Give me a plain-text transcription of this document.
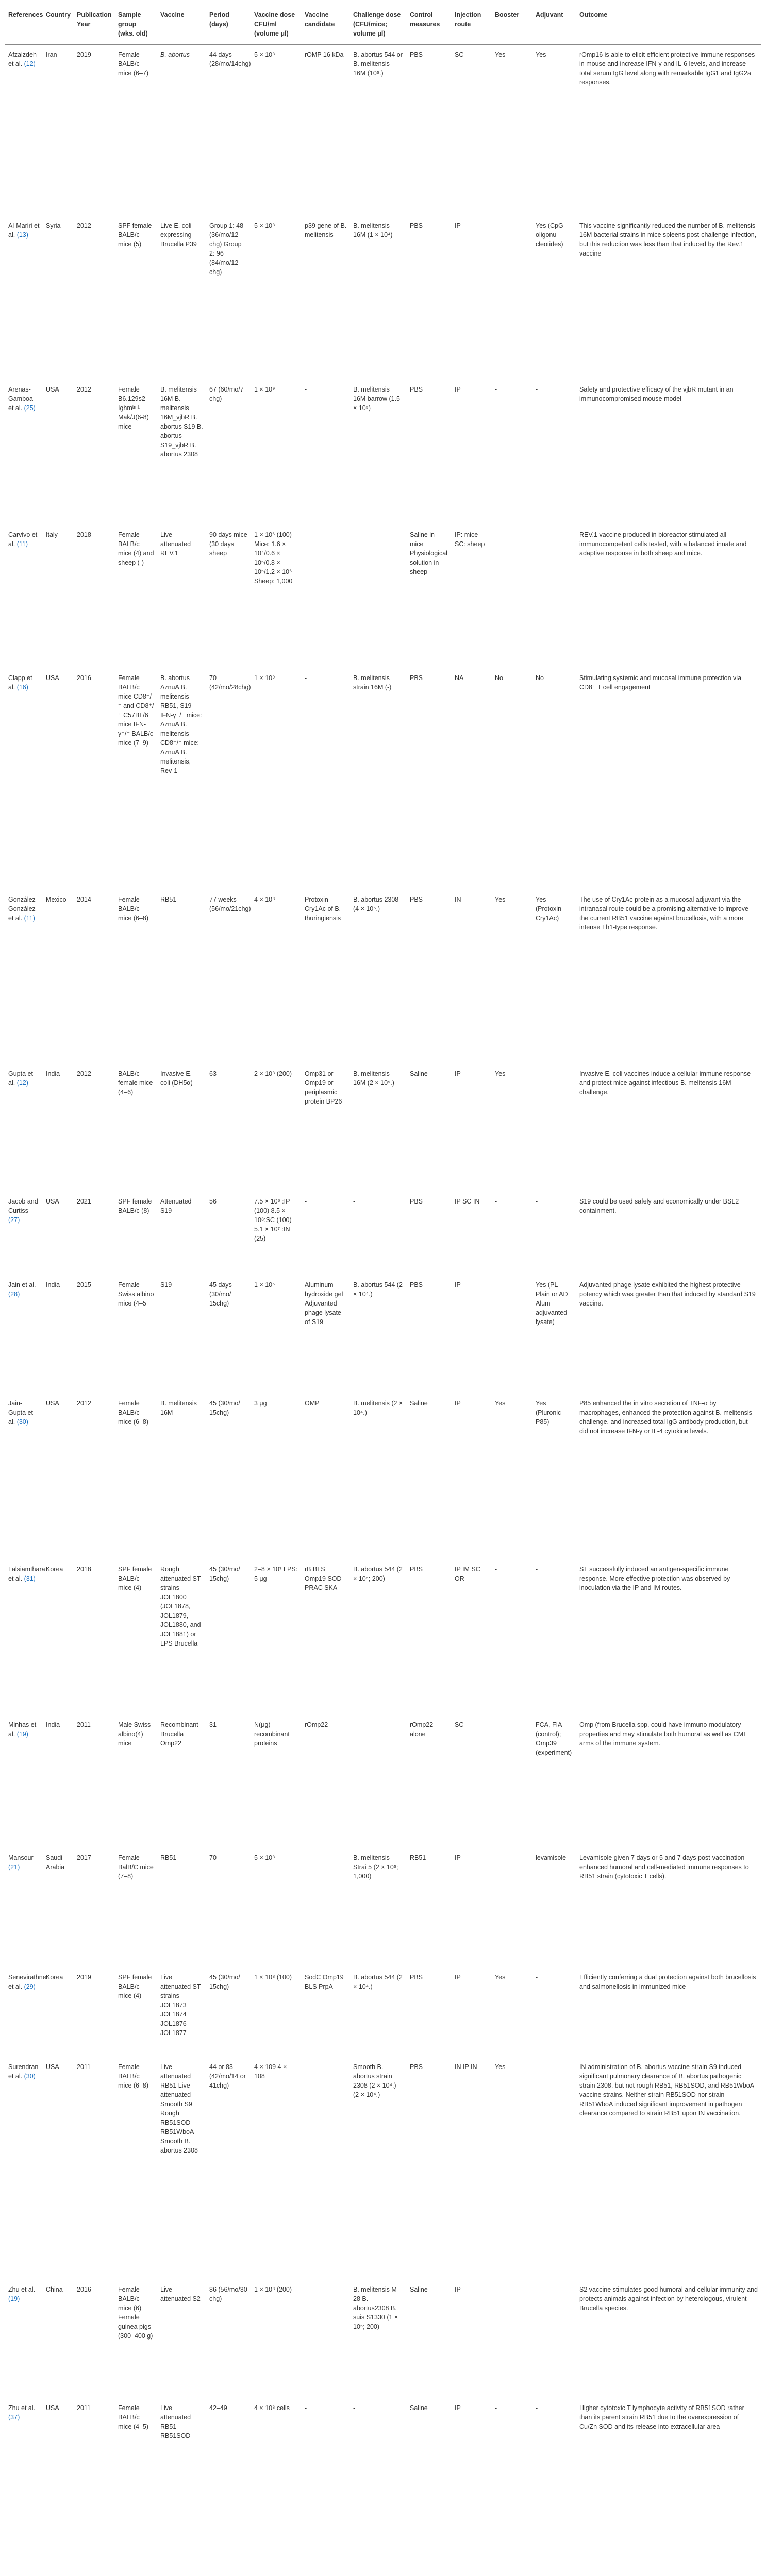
References	Country	Publication Year	Sample group (wks. old)	Vaccine	Period (days)	Vaccine dose CFU/ml (volume μl)	Vaccine candidate	Challenge dose (CFU/mice; volume μl)	Control measures	Injection route	Booster	Adjuvant	Outcome
Afzalzdeh et al. (12)	Iran	2019	Female BALB/c mice (6–7)	B. abortus	44 days (28/mo/14chg)	5 × 10⁸	rOMP 16 kDa	B. abortus 544 or B. melitensis 16M (10⁵.)	PBS	SC	Yes	Yes	rOmp16 is able to elicit efficient protective immune responses in mouse and increase IFN-γ and IL-6 levels, and increase total serum IgG level along with remarkable IgG1 and IgG2a responses.
Al-Mariri et al. (13)	Syria	2012	SPF female BALB/c mice (5)	Live E. coli expressing Brucella P39	Group 1: 48 (36/mo/12 chg) Group 2: 96 (84/mo/12 chg)	5 × 10⁸	p39 gene of B. melitensis	B. melitensis 16M (1 × 10⁴)	PBS	IP	-	Yes (CpG oligonu cleotides)	This vaccine significantly reduced the number of B. melitensis 16M bacterial strains in mice spleens post-challenge infection, but this reduction was less than that induced by the Rev.1 vaccine
Arenas-Gamboa et al. (25)	USA	2012	Female B6.129s2-Ighmᵗᵐ¹ Mak/J(6-8) mice	B. melitensis 16M B. melitensis 16M_vjbR B. abortus S19 B. abortus S19_vjbR B. abortus 2308	67 (60/mo/7 chg)	1 × 10⁹	-	B. melitensis 16M barrow (1.5 × 10⁵)	PBS	IP	-	-	Safety and protective efficacy of the vjbR mutant in an immunocompromised mouse model
Carvivo et al. (11)	Italy	2018	Female BALB/c mice (4) and sheep (-)	Live attenuated REV.1	90 days mice (30 days sheep	1 × 10⁶ (100) Mice: 1.6 × 10⁴/0.6 × 10⁵/0.8 × 10⁵/1.2 × 10⁶ Sheep: 1,000	-	-	Saline in mice Physiological solution in sheep	IP: mice SC: sheep	-	-	REV.1 vaccine produced in bioreactor stimulated all immunocompetent cells tested, with a balanced innate and adaptive response in both sheep and mice.
Clapp et al. (16)	USA	2016	Female BALB/c mice CD8⁻/⁻ and CD8⁺/⁺ C57BL/6 mice IFN-γ⁻/⁻ BALB/c mice (7–9)	B. abortus ΔznuA B. melitensis RB51, S19 IFN-γ⁻/⁻ mice: ΔznuA B. melitensis CD8⁻/⁻ mice: ΔznuA B. melitensis, Rev-1	70 (42/mo/28chg)	1 × 10⁹	-	B. melitensis strain 16M (-)	PBS	NA	No	No	Stimulating systemic and mucosal immune protection via CD8⁺ T cell engagement
González-González et al. (11)	Mexico	2014	Female BALB/c mice (6–8)	RB51	77 weeks (56/mo/21chg)	4 × 10⁸	Protoxin Cry1Ac of B. thuringiensis	B. abortus 2308 (4 × 10⁵.)	PBS	IN	Yes	Yes (Protoxin Cry1Ac)	The use of Cry1Ac protein as a mucosal adjuvant via the intranasal route could be a promising alternative to improve the current RB51 vaccine against brucellosis, with a more intense Th1-type response.
Gupta et al. (12)	India	2012	BALB/c female mice (4–6)	Invasive E. coli (DH5α)	63	2 × 10⁸ (200)	Omp31 or Omp19 or periplasmic protein BP26	B. melitensis 16M (2 × 10⁵.)	Saline	IP	Yes	-	Invasive E. coli vaccines induce a cellular immune response and protect mice against infectious B. melitensis 16M challenge.
Jacob and Curtiss (27)	USA	2021	SPF female BALB/c (8)	Attenuated S19	56	7.5 × 10⁶ :IP (100) 8.5 × 10⁸:SC (100) 5.1 × 10⁷ :IN (25)	-	-	PBS	IP SC IN	-	-	S19 could be used safely and economically under BSL2 containment.
Jain et al. (28)	India	2015	Female Swiss albino mice (4–5	S19	45 days (30/mo/ 15chg)	1 × 10⁵	Aluminum hydroxide gel Adjuvanted phage lysate of S19	B. abortus 544 (2 × 10⁴.)	PBS	IP	-	Yes (PL Plain or AD Alum adjuvanted lysate)	Adjuvanted phage lysate exhibited the highest protective potency which was greater than that induced by standard S19 vaccine.
Jain-Gupta et al. (30)	USA	2012	Female BALB/c mice (6–8)	B. melitensis 16M	45 (30/mo/ 15chg)	3 μg	OMP	B. melitensis (2 × 10⁴.)	Saline	IP	Yes	Yes (Pluronic P85)	P85 enhanced the in vitro secretion of TNF-α by macrophages, enhanced the protection against B. melitensis challenge, and increased total IgG antibody production, but did not increase IFN-γ or IL-4 cytokine levels.
Lalsiamthara et al. (31)	Korea	2018	SPF female BALB/c mice (4)	Rough attenuated ST strains JOL1800 (JOL1878, JOL1879, JOL1880, and JOL1881) or LPS Brucella	45 (30/mo/ 15chg)	2–8 × 10⁷ LPS: 5 μg	rB BLS Omp19 SOD PRAC SKA	B. abortus 544 (2 × 10⁵; 200)	PBS	IP IM SC OR	-	-	ST successfully induced an antigen-specific immune response. More effective protection was observed by inoculation via the IP and IM routes.
Minhas et al. (19)	India	2011	Male Swiss albino(4) mice	Recombinant Brucella Omp22	31	N(μg) recombinant proteins	rOmp22	-	rOmp22 alone	SC	-	FCA, FIA (control); Omp39 (experiment)	Omp (from Brucella spp. could have immuno-modulatory properties and may stimulate both humoral as well as CMI arms of the immune system.
Mansour (21)	Saudi Arabia	2017	Female BalB/C mice (7–8)	RB51	70	5 × 10⁸	-	B. melitensis Strai 5 (2 × 10⁵; 1,000)	RB51	IP	-	levamisole	Levamisole given 7 days or 5 and 7 days post-vaccination enhanced humoral and cell-mediated immune responses to RB51 strain (cytotoxic T cells).
Senevirathne et al. (29)	Korea	2019	SPF female BALB/c mice (4)	Live attenuated ST strains JOL1873 JOL1874 JOL1876 JOL1877	45 (30/mo/ 15chg)	1 × 10⁸ (100)	SodC Omp19 BLS PrpA	B. abortus 544 (2 × 10⁴.)	PBS	IP	Yes	-	Efficiently conferring a dual protection against both brucellosis and salmonellosis in immunized mice
Surendran et al. (30)	USA	2011	Female BALB/c mice (6–8)	Live attenuated RB51 Live attenuated Smooth S9 Rough RB51SOD RB51WboA Smooth B. abortus 2308	44 or 83 (42/mo/14 or 41chg)	4 × 109 4 × 108	-	Smooth B. abortus strain 2308 (2 × 10⁴.) (2 × 10⁴.)	PBS	IN IP IN	Yes	-	IN administration of B. abortus vaccine strain S9 induced significant pulmonary clearance of B. abortus pathogenic strain 2308, but not rough RB51, RB51SOD, and RB51WboA vaccine strains. Neither strain RB51SOD nor strain RB51WboA induced significant improvement in pathogen clearance compared to strain RB51 upon IN vaccination.
Zhu et al. (19)	China	2016	Female BALB/c mice (6) Female guinea pigs (300–400 g)	Live attenuated S2	86 (56/mo/30 chg)	1 × 10⁸ (200)	-	B. melitensis M 28 B. abortus2308 B. suis S1330 (1 × 10⁵; 200)	Saline	IP	-	-	S2 vaccine stimulates good humoral and cellular immunity and protects animals against infection by heterologous, virulent Brucella species.
Zhu et al. (37)	USA	2011	Female BALB/c mice (4–5)	Live attenuated RB51 RB51SOD	42–49	4 × 10⁸ cells	-	-	Saline	IP	-	-	Higher cytotoxic T lymphocyte activity of RB51SOD rather than its parent strain RB51 due to the overexpression of Cu/Zn SOD and its release into extracellular area
